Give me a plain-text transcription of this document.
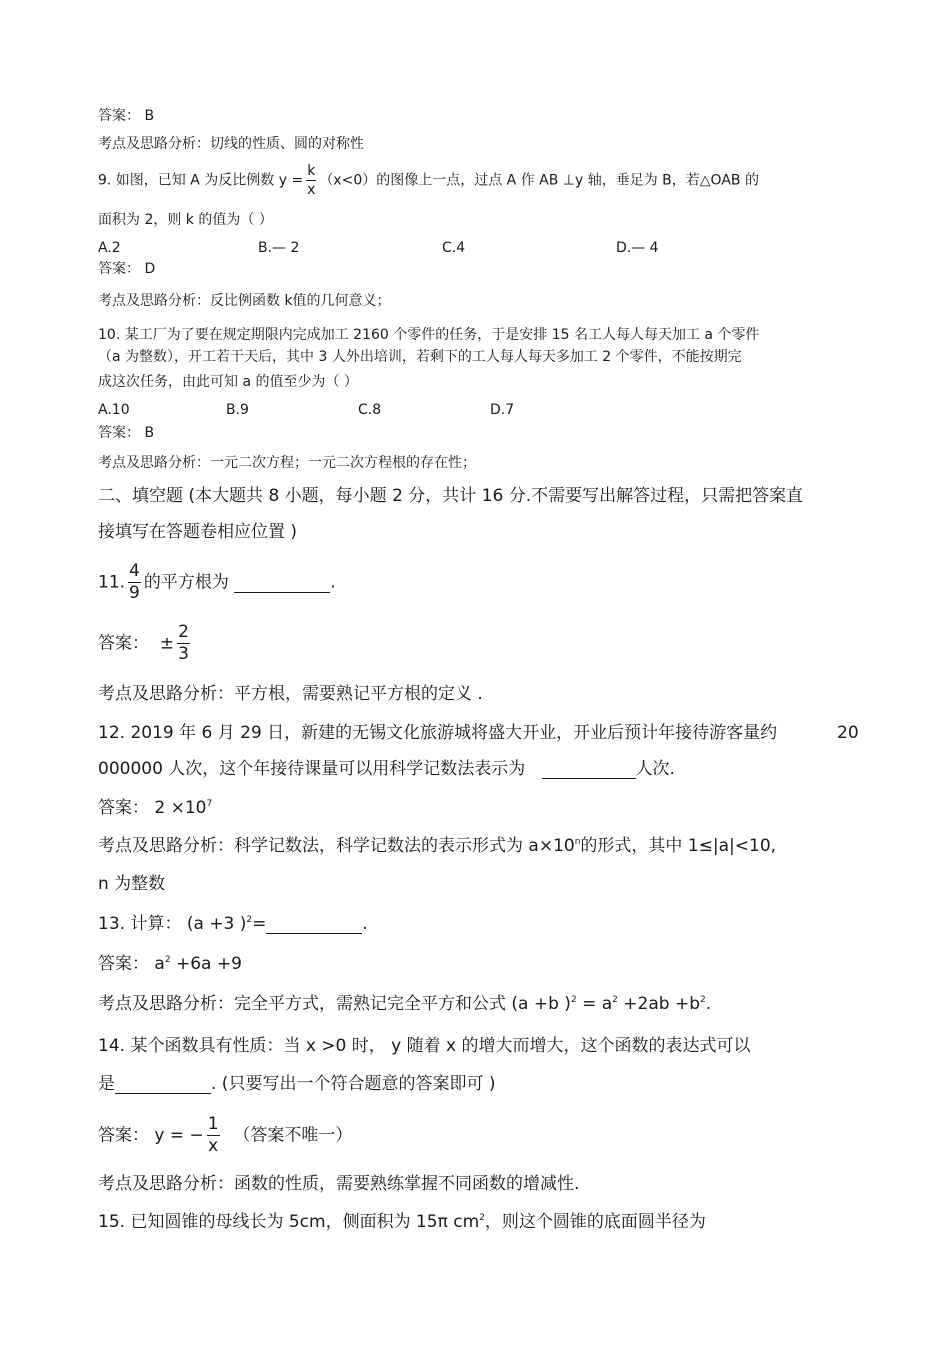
答案： B
考点及思路分析：切线的性质、圆的对称性
9. 如图，已知 A 为反比例数 $y = \frac{k}{x} (x<0)$的图像上一点，过点 A 作 AB ⊥y 轴，垂足为 B，若△OAB 的
面积为 2，则 k 的值为（ ）
A.2	B.— 2	C.4	D.— 4
答案： D
考点及思路分析：反比例函数 k值的几何意义；
10. 某工厂为了要在规定期限内完成加工 2160 个零件的任务，于是安排 15 名工人每人每天加工 a 个零件
（a 为整数），开工若干天后，其中 3 人外出培训，若剩下的工人每人每天多加工 2 个零件，不能按期完
成这次任务，由此可知 a 的值至少为（ ）
A.10	B.9	C.8	D.7
答案： B
考点及思路分析：一元二次方程；一元二次方程根的存在性；
二、填空题 (本大题共 8 小题，每小题 2 分，共计 16 分.不需要写出解答过程，只需把答案直
接填写在答题卷相应位置 )
11. $\frac{4}{9}$ 的平方根为	.
答案： ± $\frac{2}{3}$
考点及思路分析：平方根，需要熟记平方根的定义 .
12. 2019 年 6 月 29 日，新建的无锡文化旅游城将盛大开业，开业后预计年接待游客量约	20
000000 人次，这个年接待课量可以用科学记数法表示为	人次.
答案： $2 \times 10^7$
考点及思路分析：科学记数法，科学记数法的表示形式为 $a\times 10^n$的形式，其中 1≤|a|<10,
n 为整数
13. 计算： (a +3 )$^2$=	.
答案： $a^2 +6a +9$
考点及思路分析：完全平方式，需熟记完全平方和公式 (a +b )$^2 = a^2 +2ab +b^2$.
14. 某个函数具有性质：当 x >0 时， y 随着 x 的增大而增大，这个函数的表达式可以
是	. (只要写出一个符合题意的答案即可 )
答案： y = − $\frac{1}{x}$ （答案不唯一）
考点及思路分析：函数的性质，需要熟练掌握不同函数的增减性.
15. 已知圆锥的母线长为 5cm，侧面积为 15π $cm^2$，则这个圆锥的底面圆半径为
